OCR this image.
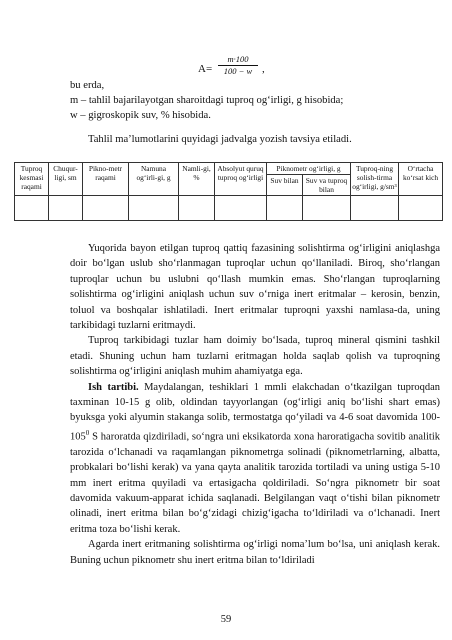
A=
m·100
100 − w ,
bu erda,
m – tahlil bajarilayotgan sharoitdagi tuproq og‘irligi, g hisobida;
w – gigroskopik suv, % hisobida.
Tahlil ma’lumotlarini quyidagi jadvalga yozish tavsiya etiladi.
Tuproq kesmasi raqami	Chuqur-ligi, sm	Pikno-metr raqami	Namuna og‘irli-gi, g	Namli-gi, %	Absolyut quruq tuproq og‘irligi	Piknometr og‘irligi, g		Tuproq-ning solish-tirma og‘irligi, g/sm³	O‘rtacha ko‘rsat kich
						Suv bilan	Suv va tuproq bilan		

Yuqorida bayon etilgan tuproq qattiq fazasining solishtirma og‘irligini aniqlashga doir bo‘lgan uslub sho‘rlanmagan tuproqlar uchun qo‘llaniladi. Biroq, sho‘rlangan tuproqlar uchun bu uslubni qo‘llash mumkin emas. Sho‘rlangan tuproqlarning solishtirma og‘irligini aniqlash uchun suv o‘rniga inert eritmalar – kerosin, benzin, toluol va boshqalar ishlatiladi. Inert eritmalar tuproqni yaxshi namlasa-da, uning tarkibidagi tuzlarni eritmaydi.

Tuproq tarkibidagi tuzlar ham doimiy bo‘lsada, tuproq mineral qismini tashkil etadi. Shuning uchun ham tuzlarni eritmagan holda saqlab qolish va tuproqning solishtirma og‘irligini aniqlash muhim ahamiyatga ega.

Ish tartibi. Maydalangan, teshiklari 1 mmli elakchadan o‘tkazilgan tuproqdan taxminan 10-15 g olib, oldindan tayyorlangan (og‘irligi aniq bo‘lishi shart emas) byuksga yoki alyumin stakanga solib, termostatga qo‘yiladi va 4-6 soat davomida $100-105^0$ S haroratda qizdiriladi, so‘ngra uni eksikatorda xona haroratigacha sovitib analitik tarozida o‘lchanadi va raqamlangan piknometrga solinadi (piknometrlarning, albatta, probkalari bo‘lishi kerak) va yana qayta analitik tarozida tortiladi va uning ustiga 5-10 mm inert eritma quyiladi va ertasigacha qoldiriladi. So‘ngra piknometr bir soat davomida vakuum-apparat ichida saqlanadi. Belgilangan vaqt o‘tishi bilan piknometr olinadi, inert eritma bilan bo‘g‘zidagi chizig‘igacha to‘ldiriladi va o‘lchanadi. Inert eritma toza bo‘lishi kerak.

Agarda inert eritmaning solishtirma og‘irligi noma’lum bo‘lsa, uni aniqlash kerak. Buning uchun piknometr shu inert eritma bilan to‘ldiriladi

59
